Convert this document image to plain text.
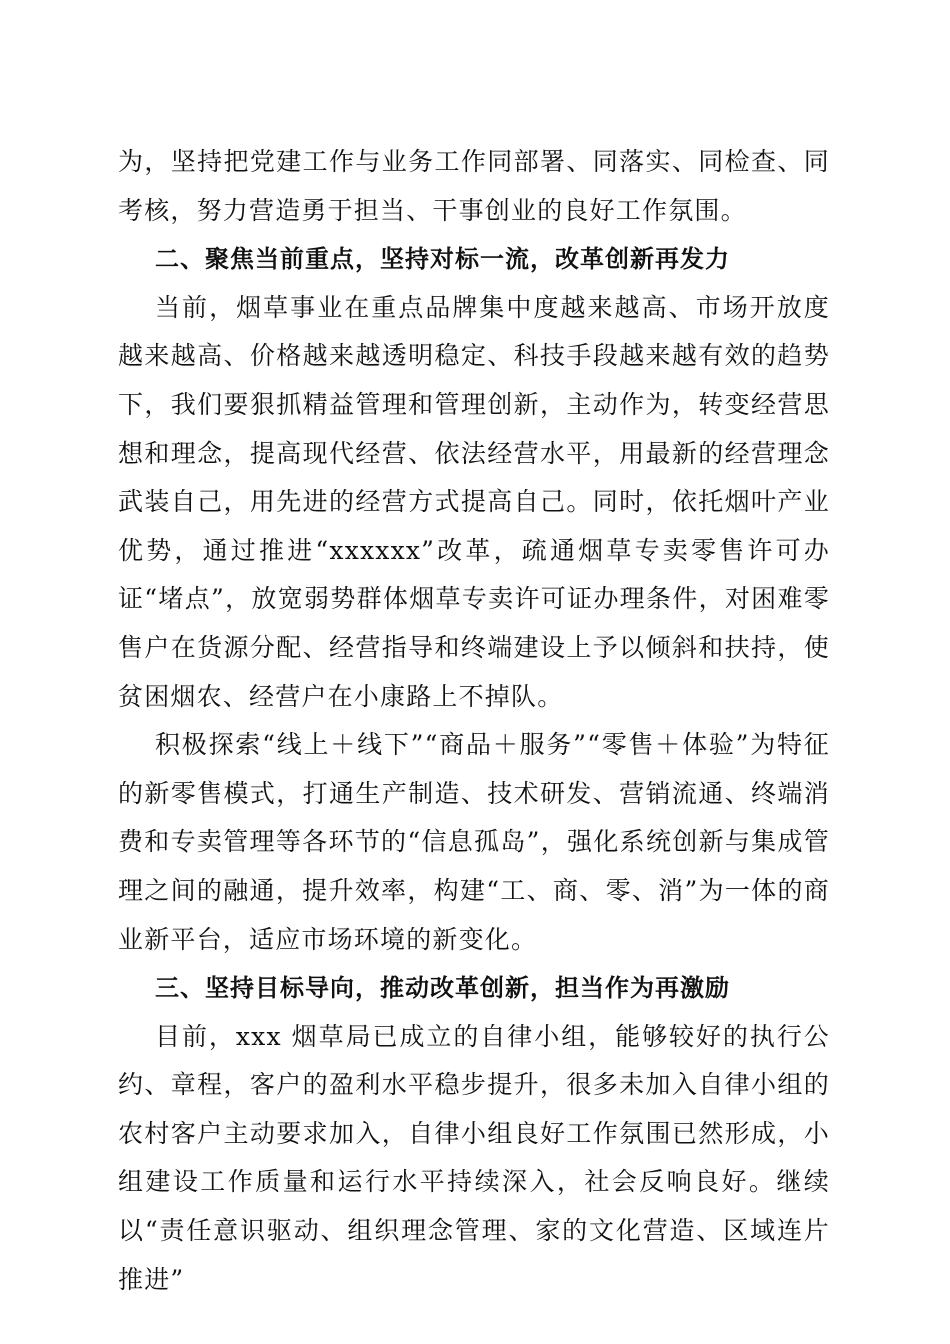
为，坚持把党建工作与业务工作同部署、同落实、同检查、同考核，努力营造勇于担当、干事创业的良好工作氛围。

二、聚焦当前重点，坚持对标一流，改革创新再发力

当前，烟草事业在重点品牌集中度越来越高、市场开放度越来越高、价格越来越透明稳定、科技手段越来越有效的趋势下，我们要狠抓精益管理和管理创新，主动作为，转变经营思想和理念，提高现代经营、依法经营水平，用最新的经营理念武装自己，用先进的经营方式提高自己。同时，依托烟叶产业优势，通过推进“xxxxxx”改革，疏通烟草专卖零售许可办证“堵点”，放宽弱势群体烟草专卖许可证办理条件，对困难零售户在货源分配、经营指导和终端建设上予以倾斜和扶持，使贫困烟农、经营户在小康路上不掉队。

积极探索“线上＋线下”“商品＋服务”“零售＋体验”为特征的新零售模式，打通生产制造、技术研发、营销流通、终端消费和专卖管理等各环节的“信息孤岛”，强化系统创新与集成管理之间的融通，提升效率，构建“工、商、零、消”为一体的商业新平台，适应市场环境的新变化。

三、坚持目标导向，推动改革创新，担当作为再激励

目前，xxx 烟草局已成立的自律小组，能够较好的执行公约、章程，客户的盈利水平稳步提升，很多未加入自律小组的农村客户主动要求加入，自律小组良好工作氛围已然形成，小组建设工作质量和运行水平持续深入，社会反响良好。继续以“责任意识驱动、组织理念管理、家的文化营造、区域连片推进”
